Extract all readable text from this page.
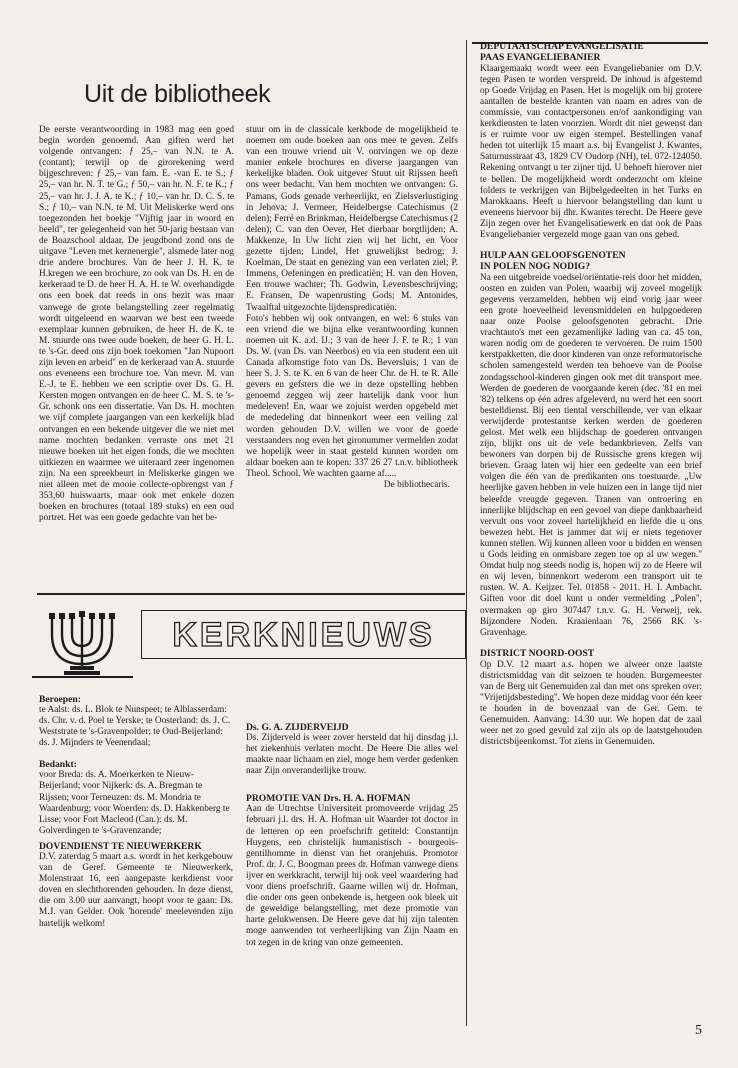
Uit de bibliotheek

De eerste verantwoording in 1983 mag een goed begin worden genoemd. Aan giften werd het volgende ontvangen: ƒ 25,– van N.N. te A. (contant); terwijl op de girorekening werd bijgeschreven: ƒ 25,– van fam. E. -van E. te S.; ƒ 25,– van hr. N. T. te G.; ƒ 50,– van hr. N. F. te K.; ƒ 25,– van hr. J. J. A. te K.; ƒ 10,– van hr. D. C. S. te S.; ƒ 10,– van N.N. te M. Uit Meliskerke werd ons toegezonden het boekje "Vijftig jaar in woord en beeld", ter gelegenheid van het 50-jarig bestaan van de Boazschool aldaar. De jeugdbond zond ons de uitgave "Leven met kernenergie", alsmede later nog drie andere brochures. Van de heer J. H. K. te H.kregen we een brochure, zo ook van Ds. H. en de kerkeraad te D. de heer H. A. H. te W. overhandigde ons een boek dat reeds in ons bezit was maar vanwege de grote belangstelling zeer regelmatig wordt uitgeleend en waarvan we best een tweede exemplaar kunnen gebruiken, de heer H. de K. te M. stuurde ons twee oude boeken, de heer G. H. L. te 's-Gr. deed ons zijn boek toekomen "Jan Nupoort zijn leven en arbeid" en de kerkeraad van A. stuurde ons eveneens een brochure toe. Van mevr. M. van E.-J. te E. hebben we een scriptie over Ds. G. H. Kersten mogen ontvangen en de heer C. M. S. te 's-Gr. schonk ons een dissertatie. Van Ds. H. mochten we vijf complete jaargangen van een kerkelijk blad ontvangen en een bekende uitgever die we niet met name mochten bedanken verraste ons met 21 nieuwe boeken uit het eigen fonds, die we mochten uitkiezen en waarmee we uiteraard zeer ingenomen zijn. Na een spreekbeurt in Meliskerke gingen we niet alleen met de mooie collecte-opbrengst van ƒ 353,60 huiswaarts, maar ook met enkele dozen boeken en brochures (totaal 189 stuks) en een oud portret. Het was een goede gedachte van het be-

stuur om in de classicale kerkbode de mogelijkheid te noemen om oude boeken aan ons mee te geven. Zelfs van een trouwe vriend uit V. ontvingen we op deze manier enkele brochures en diverse jaargangen van kerkelijke bladen. Ook uitgever Stuut uit Rijssen heeft ons weer bedacht. Van hem mochten we ontvangen: G. Pamans, Gods genade verheerlijkt, en Zielsverlustiging in Jehova; J. Vermeer, Heidelbergse Catechismus (2 delen); Ferré en Brinkman, Heidelbergse Catechismus (2 delen); C. van den Oever, Het dierbaar borgtlijden; A. Makkenze, In Uw licht zien wij het licht, en Voor gezette tijden; Lindel, Het gruwelijkst bedrog; J. Koelman, De staat en genezing van een verlaten ziel; P. Immens, Oefeningen en predicatiën; H. van den Hoven, Een trouwe wachter; Th. Godwin, Levensbeschrijving; E. Fransen, De wapenrusting Gods; M. Antonides, Twaalftal uitgezochte lijdenspredicatiën.

Foto's hebben wij ook ontvangen, en wel: 6 stuks van een vriend die we bijna elke verantwoording kunnen noemen uit K. a.d. IJ.; 3 van de heer J. F. te R.; 1 van Ds. W. (van Ds. van Neerbos) en via een student een uit Canada afkomstige foto van Ds. Beversluis; 1 van de heer S. J. S. te K. en 6 van de heer Chr. de H. te R. Alle gevers en gefsters die we in deze opstelling hebben genoemd zeggen wij zeer hartelijk dank voor hun medeleven! En, waar we zojuist werden opgebeld met de mededeling dat binnenkort weer een veiling zal worden gehouden D.V. willen we voor de goede verstaanders nog even het gironummer vermelden zodat we hopelijk weer in staat gesteld kunnen worden om aldaar boeken aan te kopen: 337 26 27 t.n.v. bibliotheek Theol. School. We wachten gaarne af.....

De bibliothecaris.

DEPUTAATSCHAP EVANGELISATIE
PAAS EVANGELIEBANIER

Klaargemaakt wordt weer een Evangeliebanier om D.V. tegen Pasen te worden verspreid. De inhoud is afgestemd op Goede Vrijdag en Pasen. Het is mogelijk om bij grotere aantallen de bestelde kranten van naam en adres van de commissie, van contactpersonen en/of aankondiging van kerkdiensten te laten voorzien. Wordt dit niet gewenst dan is er ruimte voor uw eigen stempel. Bestellingen vanaf heden tot uiterlijk 15 maart a.s. bij Evangelist J. Kwantes, Saturnusstraat 43, 1829 CV Oudorp (NH), tel. 072-124050. Rekening ontvangt u ter zijner tijd. U behoeft hierover niet te bellen. De mogelijkheid wordt onderzocht om kleine folders te verkrijgen van Bijbelgedeelten in het Turks en Marokkaans. Heeft u hiervoor belangstelling dan kunt u eveneens hiervoor bij dhr. Kwantes terecht. De Heere geve Zijn zegen over het Evangelisatiewerk en dat ook de Paas Evangeliebanier vergezeld moge gaan van ons gebed.

HULP AAN GELOOFSGENOTEN
IN POLEN NOG NODIG?

Na een uitgebreide voedsel/oriëntatie-reis door het midden, oosten en zuiden van Polen, waarbij wij zoveel mogelijk gegevens verzamelden, hebben wij eind vorig jaar weer een grote hoeveelheid levensmiddelen en hulpgoederen naar onze Poolse geloofsgenoten gebracht. Drie vrachtauto's met een gezamenlijke lading van ca. 45 ton, waren nodig om de goederen te vervoeren. De ruim 1500 kerstpakketten, die door kinderen van onze reformatorische scholen samengesteld werden ten behoeve van de Poolse zondagsschool-kinderen gingen ook met dit transport mee. Werden de goederen de voorgaande keren (dec. '81 en mei '82) telkens op één adres afgeleverd, nu werd het een soort bestelldienst. Bij een tiental verschillende, ver van elkaar verwijderde protestantse kerken werden de goederen gelost. Met welk een blijdschap de goederen ontvangen zijn, blijkt ons uit de vele bedankbrieven. Zelfs van bewoners van dorpen bij de Russische grens kregen wij brieven. Graag laten wij hier een gedeelte van een brief volgen die één van de predikanten ons toestuurde. „Uw heerlijke gaven hebben in vele huizen een in lange tijd niet beleefde vreugde gegeven. Tranen van ontroering en innerlijke blijdschap en een gevoel van diepe dankbaarheid vervult ons voor zoveel hartelijkheid en liefde die u ons bewezen hebt. Het is jammer dat wij er niets tegenover kunnen stellen. Wij kunnen alleen voor u bidden en wensen u Gods leiding en onmisbare zegen toe op al uw wegen." Omdat hulp nog steeds nodig is, hopen wij zo de Heere wil en wij leven, binnenkort wederom een transport uit te rusten. W. A. Keijzer. Tel. 01858 - 2011. H. I. Ambacht. Giften voor dit doel kunt u onder vermelding „Polen", overmaken op giro 307447 t.n.v. G. H. Verweij, rek. Bijzondere Noden. Kraaienlaan 76, 2566 RK 's-Gravenhage.

DISTRICT NOORD-OOST

Op D.V. 12 maart a.s. hopen we alweer onze laatste districtsmiddag van dit seizoen te houden. Burgemeester van de Berg uit Genemuiden zal dan met ons spreken over: "Vrijetijdsbesteding". We hopen deze middag voor één keer te houden in de bovenzaal van de Ger. Gem. te Genemuiden. Aanvang: 14.30 uur. We hopen dat de zaal weer net zo goed gevuld zal zijn als op de laatstgehouden districtsbijeenkomst. Tot ziens in Genemuiden.

KERKNIEUWS
Beroepen:

te Aalst: ds. L. Blok te Nunspeet; te Alblasserdam: ds. Chr. v. d. Poel te Yerske; te Oosterland: ds. J. C. Weststrate te 's-Gravenpolder; te Oud-Beijerland: ds. J. Mijnders te Veenendaal;

Bedankt:

voor Breda: ds. A. Moerkerken te Nieuw-Beijerland; voor Nijkerk: ds. A. Bregman te Rijssen; voor Terneuzen: ds. M. Mondria te Waardenburg; voor Woerden: ds. D. Hakkenberg te Lisse; voor Fort Macleod (Can.): ds. M. Golverdingen te 's-Gravenzande;

DOVENDIENST TE NIEUWERKERK

D.V. zaterdag 5 maart a.s. wordt in het kerkgebouw van de Geref. Gemeente te Nieuwerkerk, Molenstraat 16, een aangepaste kerkdienst voor doven en slechthorenden gehouden. In deze dienst, die om 3.00 uur aanvangt, hoopt voor te gaan: Ds. M.J. van Gelder. Ook 'horende' meelevenden zijn hartelijk welkom!

Ds. G. A. ZIJDERVEIJD

Ds. Zijderveld is weer zover hersteld dat hij dinsdag j.l. het ziekenhuis verlaten mocht. De Heere Die alles wel maakte naar lichaam en ziel, moge hem verder gedenken naar Zijn onveranderlijke trouw.

PROMOTIE VAN Drs. H. A. HOFMAN

Aan de Utrechtse Universiteit promoveerde vrijdag 25 februari j.l. drs. H. A. Hofman uit Waarder tot doctor in de letteren op een proefschrift getiteld: Constantijn Huygens, een christelijk humanistisch - bourgeois-gentilhomme in dienst van het oranjehuis. Promotor Prof. dr. J. C. Boogman prees dr. Hofman vanwege diens ijver en werkkracht, terwijl hij ook veel waardering had voor diens proefschrift. Gaarne willen wij dr. Hofman, die onder ons geen onbekende is, hetgeen ook bleek uit de geweldige belangstelling, met deze promotie van harte gelukwensen. De Heere geve dat hij zijn talenten moge aanwenden tot verheerlijking van Zijn Naam en tot zegen in de kring van onze gemeenten.

5
